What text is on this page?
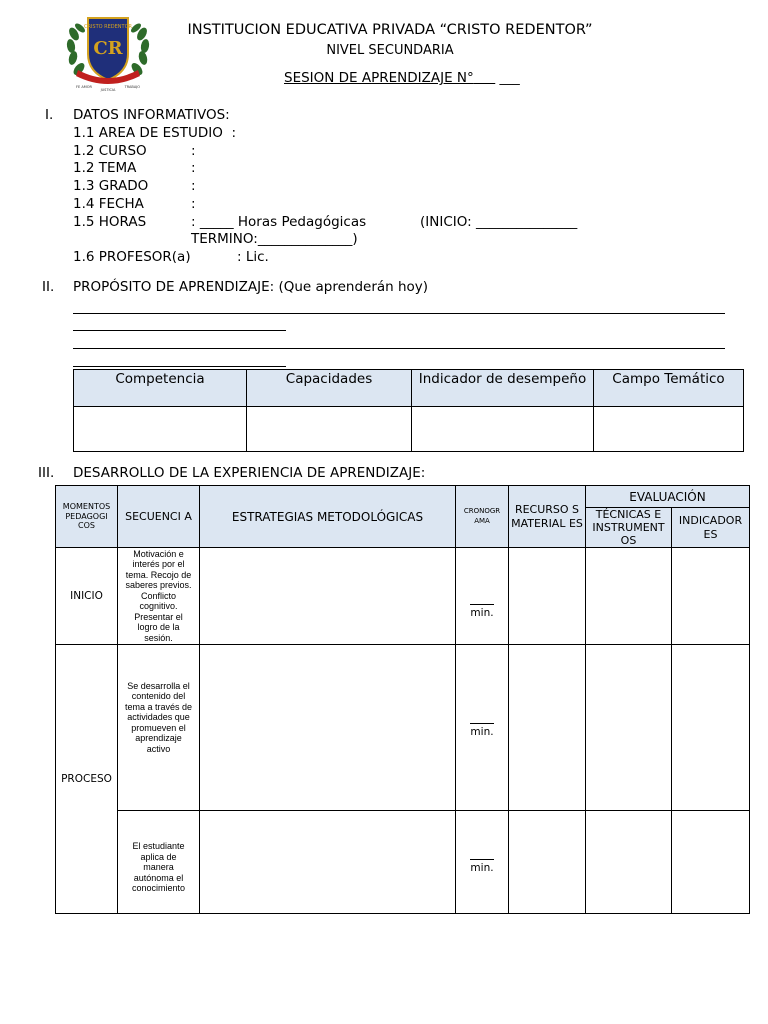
CRISTO REDENTOR
CR
FE AMOR
JUSTICIA
TRABAJO
INSTITUCION EDUCATIVA PRIVADA “CRISTO REDENTOR”
NIVEL SECUNDARIA
SESION DE APRENDIZAJE N° ___
I. DATOS INFORMATIVOS:
1.1 AREA DE ESTUDIO :
1.2 CURSO	:
1.2 TEMA	:
1.3 GRADO	:
1.4 FECHA	:
1.5 HORAS	: _____ Horas Pedagógicas	(INICIO: _______________
TERMINO:______________)
1.6 PROFESOR(a)	: Lic.
II. PROPÓSITO DE APRENDIZAJE: (Que aprenderán hoy)
Competencia	Capacidades	Indicador de desempeño	Campo Temático

III. DESARROLLO DE LA EXPERIENCIA DE APRENDIZAJE:
MOMENTOS PEDAGOGI COS	SECUENCI A	ESTRATEGIAS METODOLÓGICAS	CRONOGR AMA	RECURSO S MATERIAL ES	EVALUACIÓN	
					TÉCNICAS E INSTRUMENT OS	INDICADOR ES
INICIO	Motivación e interés por el tema. Recojo de saberes previos. Conflicto cognitivo. Presentar el logro de la sesión.		min.			
PROCESO	Se desarrolla el contenido del tema a través de actividades que promueven el aprendizaje activo		min.			
	El estudiante aplica de manera autónoma el conocimiento		min.			
